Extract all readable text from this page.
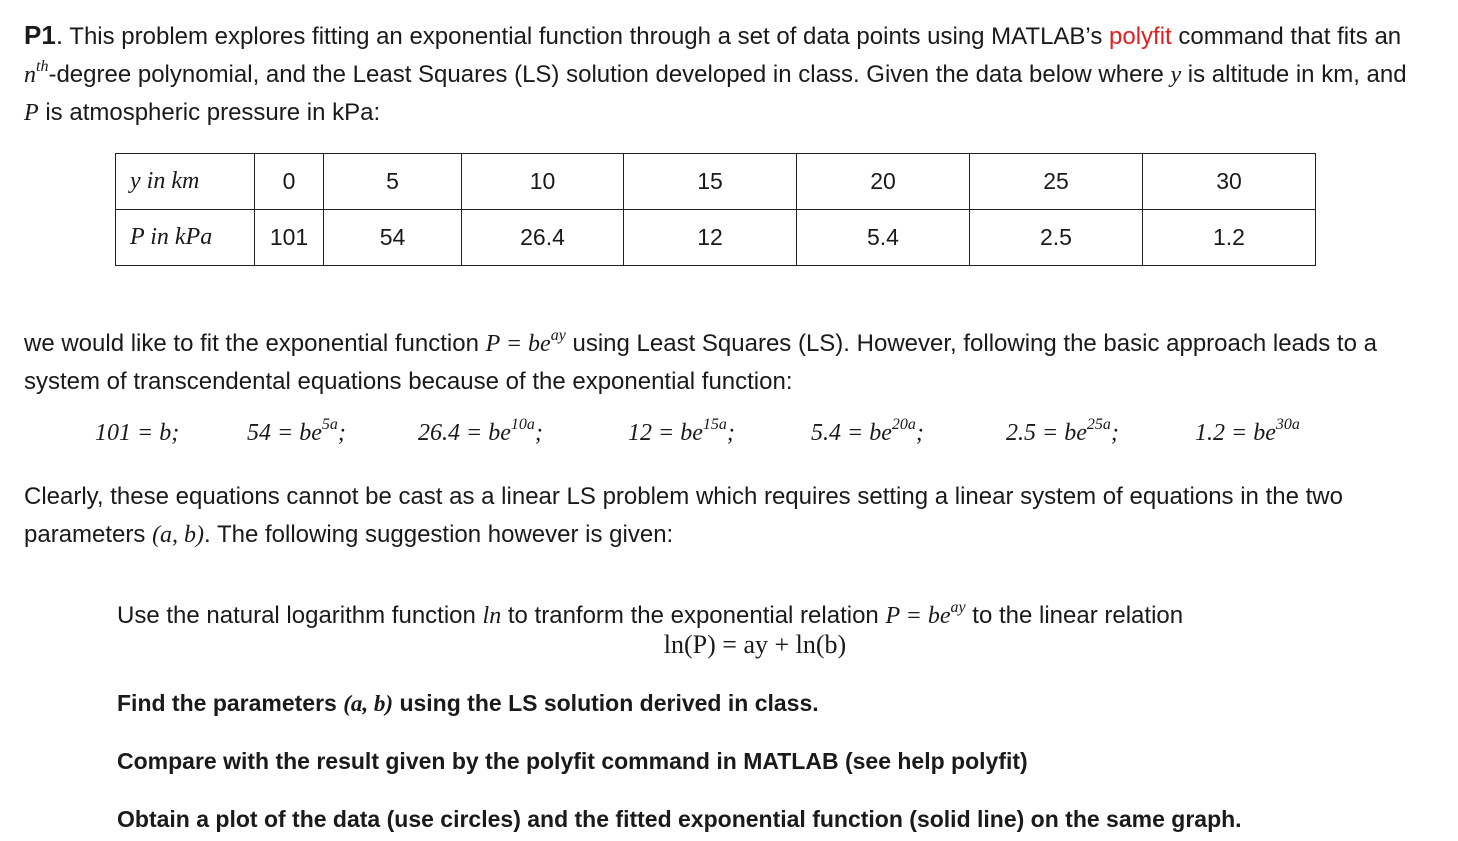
P1. This problem explores fitting an exponential function through a set of data points using MATLAB’s polyfit command that fits an $n^{th}$-degree polynomial, and the Least Squares (LS) solution developed in class. Given the data below where y is altitude in km, and P is atmospheric pressure in kPa:

y in km	0	5	10	15	20	25	30
P in kPa	101	54	26.4	12	5.4	2.5	1.2

we would like to fit the exponential function $P = be^{ay}$ using Least Squares (LS). However, following the basic approach leads to a system of transcendental equations because of the exponential function:

101 = b;	$54 = be^{5a}$;	$26.4 = be^{10a}$;	$12 = be^{15a}$;	$5.4 = be^{20a}$;	$2.5 = be^{25a}$;	$1.2 = be^{30a}$

Clearly, these equations cannot be cast as a linear LS problem which requires setting a linear system of equations in the two parameters (a, b). The following suggestion however is given:

Use the natural logarithm function ln to tranform the exponential relation $P = be^{ay}$ to the linear relation

ln(P) = ay + ln(b)
Find the parameters (a, b) using the LS solution derived in class.
Compare with the result given by the polyfit command in MATLAB (see help polyfit)
Obtain a plot of the data (use circles) and the fitted exponential function (solid line) on the same graph.
